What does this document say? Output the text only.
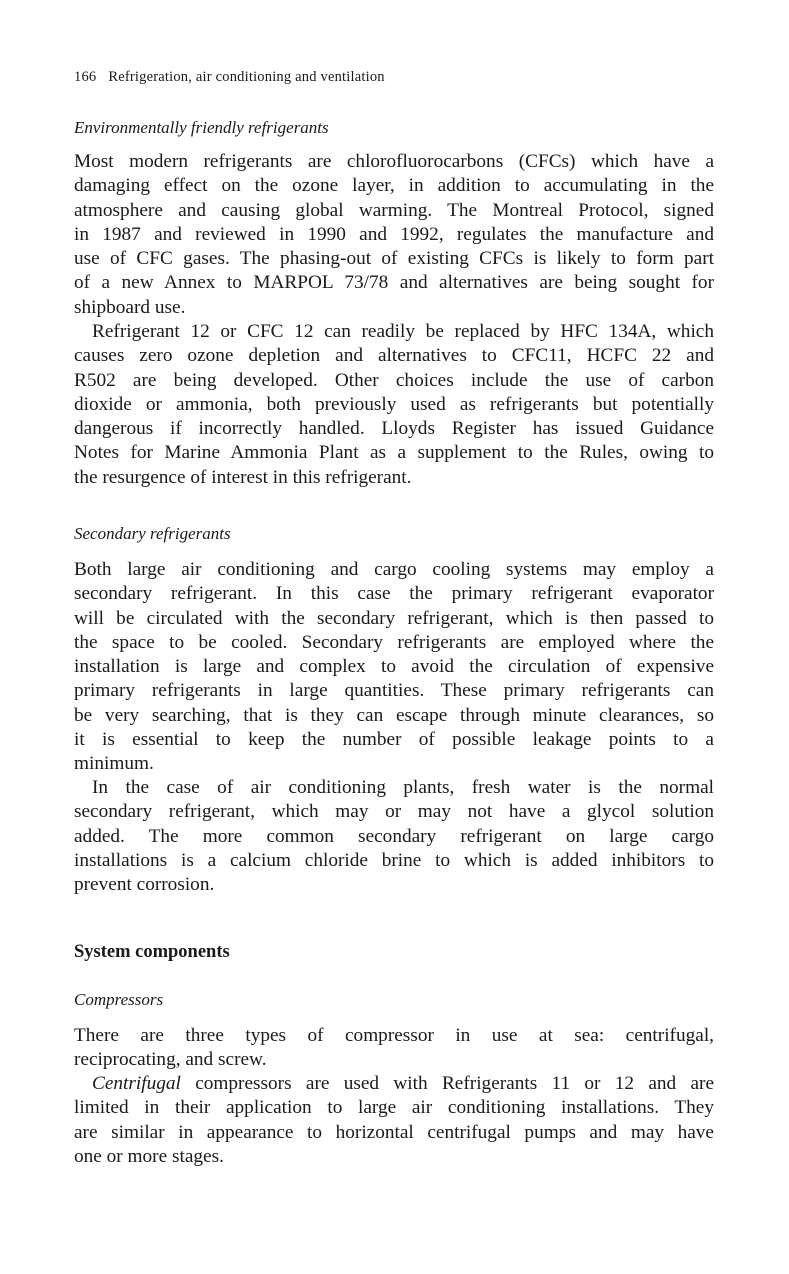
166 Refrigeration, air conditioning and ventilation
Environmentally friendly refrigerants
Most modern refrigerants are chlorofluorocarbons (CFCs) which have a
damaging effect on the ozone layer, in addition to accumulating in the
atmosphere and causing global warming. The Montreal Protocol, signed
in 1987 and reviewed in 1990 and 1992, regulates the manufacture and
use of CFC gases. The phasing-out of existing CFCs is likely to form part
of a new Annex to MARPOL 73/78 and alternatives are being sought for
shipboard use.
Refrigerant 12 or CFC 12 can readily be replaced by HFC 134A, which
causes zero ozone depletion and alternatives to CFC11, HCFC 22 and
R502 are being developed. Other choices include the use of carbon
dioxide or ammonia, both previously used as refrigerants but potentially
dangerous if incorrectly handled. Lloyds Register has issued Guidance
Notes for Marine Ammonia Plant as a supplement to the Rules, owing to
the resurgence of interest in this refrigerant.
Secondary refrigerants
Both large air conditioning and cargo cooling systems may employ a
secondary refrigerant. In this case the primary refrigerant evaporator
will be circulated with the secondary refrigerant, which is then passed to
the space to be cooled. Secondary refrigerants are employed where the
installation is large and complex to avoid the circulation of expensive
primary refrigerants in large quantities. These primary refrigerants can
be very searching, that is they can escape through minute clearances, so
it is essential to keep the number of possible leakage points to a
minimum.
In the case of air conditioning plants, fresh water is the normal
secondary refrigerant, which may or may not have a glycol solution
added. The more common secondary refrigerant on large cargo
installations is a calcium chloride brine to which is added inhibitors to
prevent corrosion.
System components
Compressors
There are three types of compressor in use at sea: centrifugal,
reciprocating, and screw.
Centrifugal compressors are used with Refrigerants 11 or 12 and are
limited in their application to large air conditioning installations. They
are similar in appearance to horizontal centrifugal pumps and may have
one or more stages.
